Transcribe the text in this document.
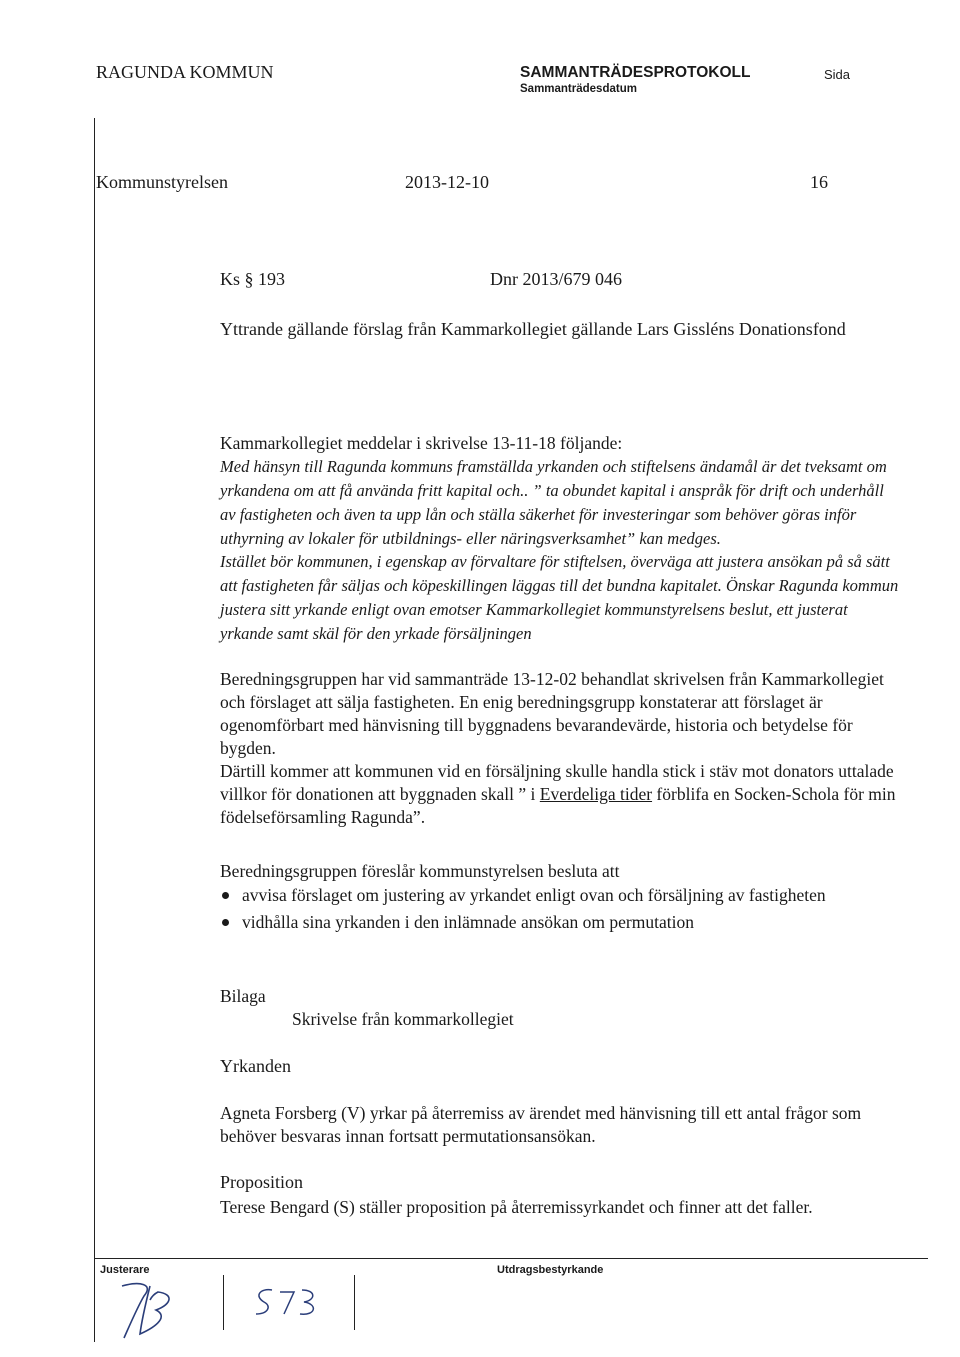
RAGUNDA KOMMUN	SAMMANTRÄDESPROTOKOLL
Sammanträdesdatum
Sida
Kommunstyrelsen	2013-12-10	16
Ks § 193	Dnr 2013/679 046
Yttrande gällande förslag från Kammarkollegiet gällande Lars Gissléns Donationsfond
Kammarkollegiet meddelar i skrivelse 13-11-18 följande:
Med hänsyn till Ragunda kommuns framställda yrkanden och stiftelsens ändamål är det tveksamt om yrkandena om att få använda fritt kapital och.. ” ta obundet kapital i anspråk för drift och underhåll av fastigheten och även ta upp lån och ställa säkerhet för investeringar som behöver göras inför uthyrning av lokaler för utbildnings- eller näringsverksamhet” kan medges.
Istället bör kommunen, i egenskap av förvaltare för stiftelsen, överväga att justera ansökan på så sätt att fastigheten får säljas och köpeskillingen läggas till det bundna kapitalet. Önskar Ragunda kommun justera sitt yrkande enligt ovan emotser Kammarkollegiet kommunstyrelsens beslut, ett justerat yrkande samt skäl för den yrkade försäljningen
Beredningsgruppen har vid sammanträde 13-12-02 behandlat skrivelsen från Kammarkollegiet och förslaget att sälja fastigheten. En enig beredningsgrupp konstaterar att förslaget är ogenomförbart med hänvisning till byggnadens bevarandevärde, historia och betydelse för bygden.
Därtill kommer att kommunen vid en försäljning skulle handla stick i stäv mot donators uttalade villkor för donationen att byggnaden skall ” i Everdeliga tider förblifa en Socken-Schola för min födelseförsamling Ragunda”.
Beredningsgruppen föreslår kommunstyrelsen besluta att
avvisa förslaget om justering av yrkandet enligt ovan och försäljning av fastigheten
vidhålla sina yrkanden i den inlämnade ansökan om permutation
Bilaga
Skrivelse från kommarkollegiet
Yrkanden
Agneta Forsberg (V) yrkar på återremiss av ärendet med hänvisning till ett antal frågor som behöver besvaras innan fortsatt permutationsansökan.
Proposition
Terese Bengard (S) ställer proposition på återremissyrkandet och finner att det faller.
Justerare	Utdragsbestyrkande
